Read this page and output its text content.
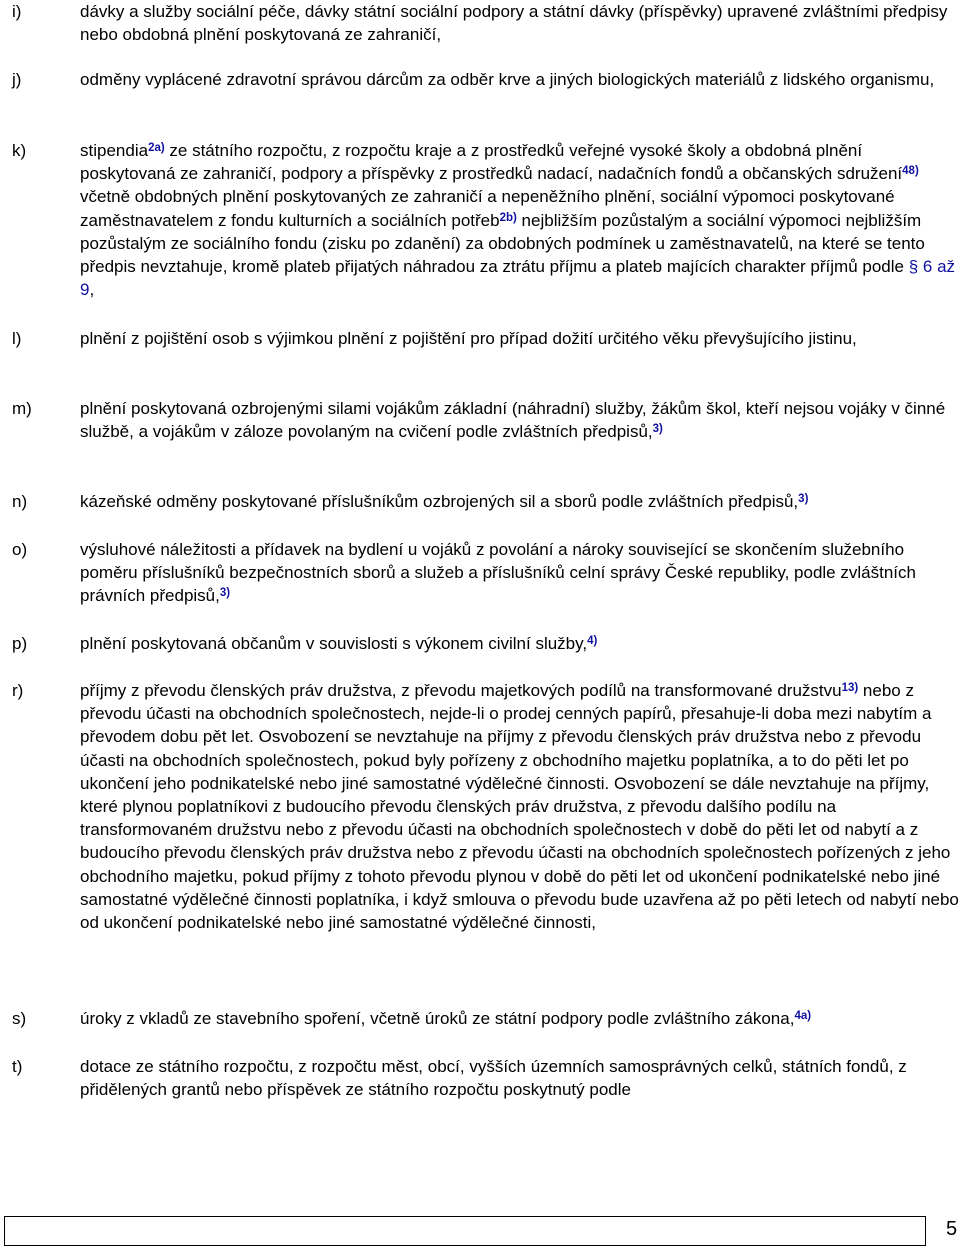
i)	dávky a služby sociální péče, dávky státní sociální podpory a státní dávky (příspěvky) upravené zvláštními předpisy nebo obdobná plnění poskytovaná ze zahraničí,
j)	odměny vyplácené zdravotní správou dárcům za odběr krve a jiných biologických materiálů z lidského organismu,
k)	stipendia$^{2a)}$ ze státního rozpočtu, z rozpočtu kraje a z prostředků veřejné vysoké školy a obdobná plnění poskytovaná ze zahraničí, podpory a příspěvky z prostředků nadací, nadačních fondů a občanských sdružení$^{48)}$ včetně obdobných plnění poskytovaných ze zahraničí a nepeněžního plnění, sociální výpomoci poskytované zaměstnavatelem z fondu kulturních a sociálních potřeb$^{2b)}$ nejbližším pozůstalým a sociální výpomoci nejbližším pozůstalým ze sociálního fondu (zisku po zdanění) za obdobných podmínek u zaměstnavatelů, na které se tento předpis nevztahuje, kromě plateb přijatých náhradou za ztrátu příjmu a plateb majících charakter příjmů podle § 6 až 9,
l)	plnění z pojištění osob s výjimkou plnění z pojištění pro případ dožití určitého věku převyšujícího jistinu,
m)	plnění poskytovaná ozbrojenými silami vojákům základní (náhradní) služby, žákům škol, kteří nejsou vojáky v činné službě, a vojákům v záloze povolaným na cvičení podle zvláštních předpisů,$^{3)}$
n)	kázeňské odměny poskytované příslušníkům ozbrojených sil a sborů podle zvláštních předpisů,$^{3)}$
o)	výsluhové náležitosti a přídavek na bydlení u vojáků z povolání a nároky související se skončením služebního poměru příslušníků bezpečnostních sborů a služeb a příslušníků celní správy České republiky, podle zvláštních právních předpisů,$^{3)}$
p)	plnění poskytovaná občanům v souvislosti s výkonem civilní služby,$^{4)}$
r)	příjmy z převodu členských práv družstva, z převodu majetkových podílů na transformované družstvu$^{13)}$ nebo z převodu účasti na obchodních společnostech, nejde-li o prodej cenných papírů, přesahuje-li doba mezi nabytím a převodem dobu pět let. Osvobození se nevztahuje na příjmy z převodu členských práv družstva nebo z převodu účasti na obchodních společnostech, pokud byly pořízeny z obchodního majetku poplatníka, a to do pěti let po ukončení jeho podnikatelské nebo jiné samostatné výdělečné činnosti. Osvobození se dále nevztahuje na příjmy, které plynou poplatníkovi z budoucího převodu členských práv družstva, z převodu dalšího podílu na transformovaném družstvu nebo z převodu účasti na obchodních společnostech v době do pěti let od nabytí a z budoucího převodu členských práv družstva nebo z převodu účasti na obchodních společnostech pořízených z jeho obchodního majetku, pokud příjmy z tohoto převodu plynou v době do pěti let od ukončení podnikatelské nebo jiné samostatné výdělečné činnosti poplatníka, i když smlouva o převodu bude uzavřena až po pěti letech od nabytí nebo od ukončení podnikatelské nebo jiné samostatné výdělečné činnosti,
s)	úroky z vkladů ze stavebního spoření, včetně úroků ze státní podpory podle zvláštního zákona,$^{4a)}$
t)	dotace ze státního rozpočtu, z rozpočtu měst, obcí, vyšších územních samosprávných celků, státních fondů, z přidělených grantů nebo příspěvek ze státního rozpočtu poskytnutý podle
5
